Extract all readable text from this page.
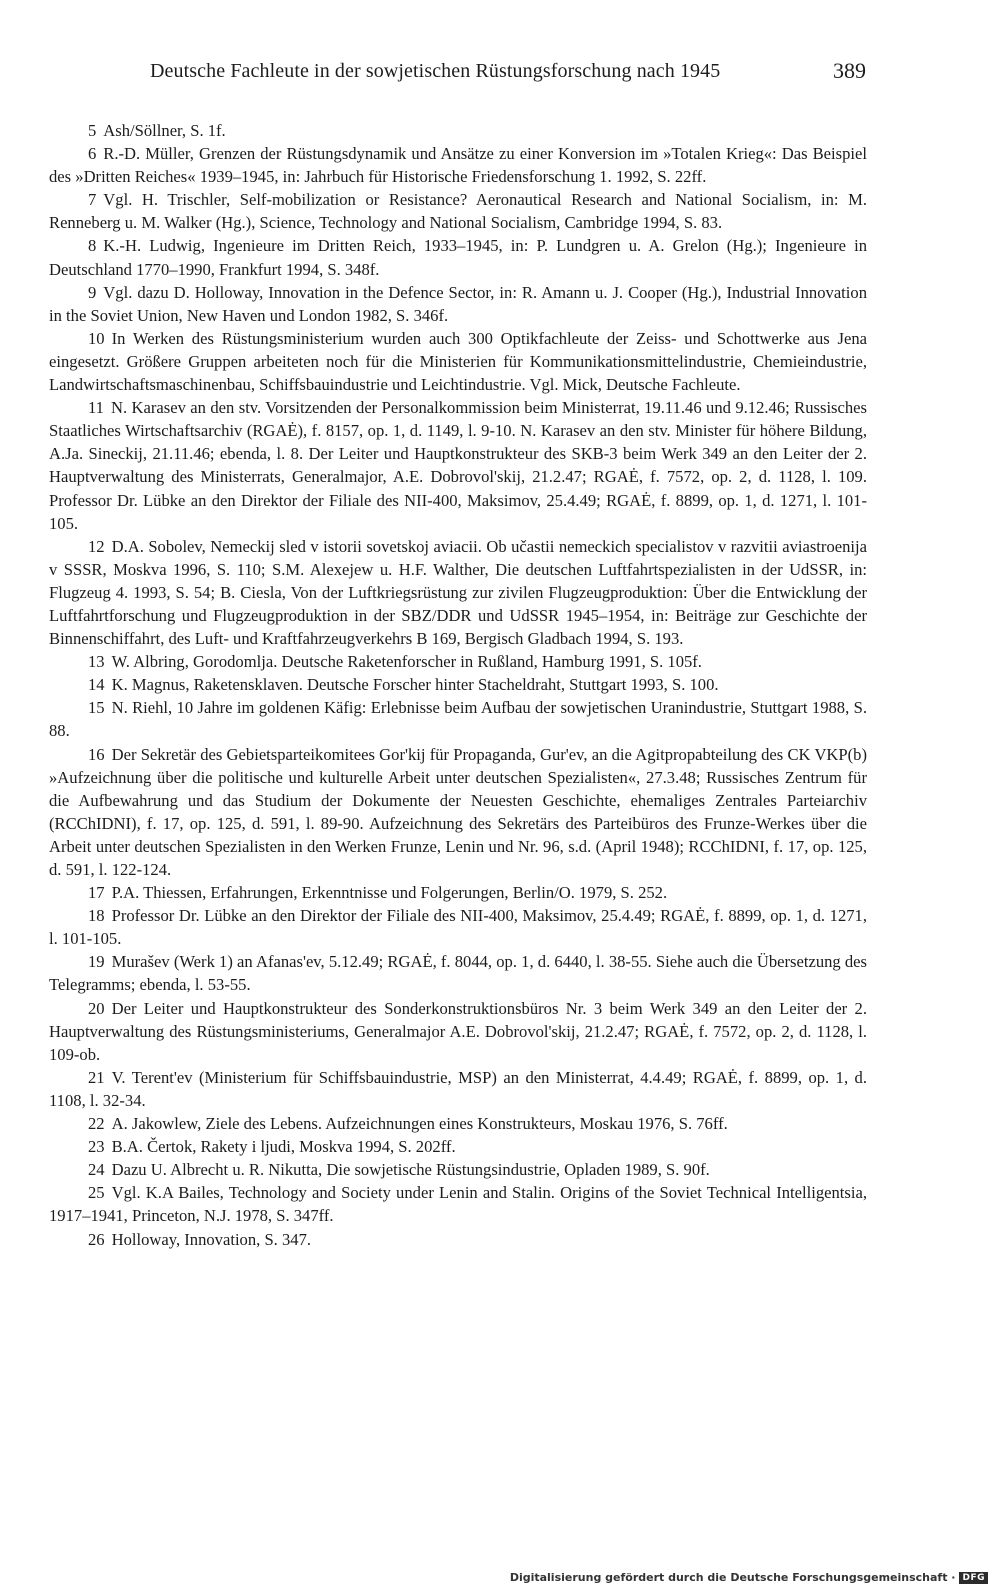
Deutsche Fachleute in der sowjetischen Rüstungsforschung nach 1945	389

5 Ash/Söllner, S. 1f.

6 R.-D. Müller, Grenzen der Rüstungsdynamik und Ansätze zu einer Konversion im »Totalen Krieg«: Das Beispiel des »Dritten Reiches« 1939–1945, in: Jahrbuch für Historische Friedensforschung 1. 1992, S. 22ff.

7 Vgl. H. Trischler, Self-mobilization or Resistance? Aeronautical Research and National Socialism, in: M. Renneberg u. M. Walker (Hg.), Science, Technology and National Socialism, Cambridge 1994, S. 83.

8 K.-H. Ludwig, Ingenieure im Dritten Reich, 1933–1945, in: P. Lundgren u. A. Grelon (Hg.); Ingenieure in Deutschland 1770–1990, Frankfurt 1994, S. 348f.

9 Vgl. dazu D. Holloway, Innovation in the Defence Sector, in: R. Amann u. J. Cooper (Hg.), Industrial Innovation in the Soviet Union, New Haven und London 1982, S. 346f.

10 In Werken des Rüstungsministerium wurden auch 300 Optikfachleute der Zeiss- und Schottwerke aus Jena eingesetzt. Größere Gruppen arbeiteten noch für die Ministerien für Kommunikationsmittelindustrie, Chemieindustrie, Landwirtschaftsmaschinenbau, Schiffsbauindustrie und Leichtindustrie. Vgl. Mick, Deutsche Fachleute.

11 N. Karasev an den stv. Vorsitzenden der Personalkommission beim Ministerrat, 19.11.46 und 9.12.46; Russisches Staatliches Wirtschaftsarchiv (RGAĖ), f. 8157, op. 1, d. 1149, l. 9-10. N. Karasev an den stv. Minister für höhere Bildung, A.Ja. Sineckij, 21.11.46; ebenda, l. 8. Der Leiter und Hauptkonstrukteur des SKB-3 beim Werk 349 an den Leiter der 2. Hauptverwaltung des Ministerrats, Generalmajor, A.E. Dobrovol'skij, 21.2.47; RGAĖ, f. 7572, op. 2, d. 1128, l. 109. Professor Dr. Lübke an den Direktor der Filiale des NII-400, Maksimov, 25.4.49; RGAĖ, f. 8899, op. 1, d. 1271, l. 101-105.

12 D.A. Sobolev, Nemeckij sled v istorii sovetskoj aviacii. Ob učastii nemeckich specialistov v razvitii aviastroenija v SSSR, Moskva 1996, S. 110; S.M. Alexejew u. H.F. Walther, Die deutschen Luftfahrtspezialisten in der UdSSR, in: Flugzeug 4. 1993, S. 54; B. Ciesla, Von der Luftkriegsrüstung zur zivilen Flugzeugproduktion: Über die Entwicklung der Luftfahrtforschung und Flugzeugproduktion in der SBZ/DDR und UdSSR 1945–1954, in: Beiträge zur Geschichte der Binnenschiffahrt, des Luft- und Kraftfahrzeugverkehrs B 169, Bergisch Gladbach 1994, S. 193.

13 W. Albring, Gorodomlja. Deutsche Raketenforscher in Rußland, Hamburg 1991, S. 105f.

14 K. Magnus, Raketensklaven. Deutsche Forscher hinter Stacheldraht, Stuttgart 1993, S. 100.

15 N. Riehl, 10 Jahre im goldenen Käfig: Erlebnisse beim Aufbau der sowjetischen Uranindustrie, Stuttgart 1988, S. 88.

16 Der Sekretär des Gebietsparteikomitees Gor'kij für Propaganda, Gur'ev, an die Agitpropabteilung des CK VKP(b) »Aufzeichnung über die politische und kulturelle Arbeit unter deutschen Spezialisten«, 27.3.48; Russisches Zentrum für die Aufbewahrung und das Studium der Dokumente der Neuesten Geschichte, ehemaliges Zentrales Parteiarchiv (RCChIDNI), f. 17, op. 125, d. 591, l. 89-90. Aufzeichnung des Sekretärs des Parteibüros des Frunze-Werkes über die Arbeit unter deutschen Spezialisten in den Werken Frunze, Lenin und Nr. 96, s.d. (April 1948); RCChIDNI, f. 17, op. 125, d. 591, l. 122-124.

17 P.A. Thiessen, Erfahrungen, Erkenntnisse und Folgerungen, Berlin/O. 1979, S. 252.

18 Professor Dr. Lübke an den Direktor der Filiale des NII-400, Maksimov, 25.4.49; RGAĖ, f. 8899, op. 1, d. 1271, l. 101-105.

19 Murašev (Werk 1) an Afanas'ev, 5.12.49; RGAĖ, f. 8044, op. 1, d. 6440, l. 38-55. Siehe auch die Übersetzung des Telegramms; ebenda, l. 53-55.

20 Der Leiter und Hauptkonstrukteur des Sonderkonstruktionsbüros Nr. 3 beim Werk 349 an den Leiter der 2. Hauptverwaltung des Rüstungsministeriums, Generalmajor A.E. Dobrovol'skij, 21.2.47; RGAĖ, f. 7572, op. 2, d. 1128, l. 109-ob.

21 V. Terent'ev (Ministerium für Schiffsbauindustrie, MSP) an den Ministerrat, 4.4.49; RGAĖ, f. 8899, op. 1, d. 1108, l. 32-34.

22 A. Jakowlew, Ziele des Lebens. Aufzeichnungen eines Konstrukteurs, Moskau 1976, S. 76ff.

23 B.A. Čertok, Rakety i ljudi, Moskva 1994, S. 202ff.

24 Dazu U. Albrecht u. R. Nikutta, Die sowjetische Rüstungsindustrie, Opladen 1989, S. 90f.

25 Vgl. K.A Bailes, Technology and Society under Lenin and Stalin. Origins of the Soviet Technical Intelligentsia, 1917–1941, Princeton, N.J. 1978, S. 347ff.

26 Holloway, Innovation, S. 347.

Digitalisierung gefördert durch die Deutsche Forschungsgemeinschaft · DFG
